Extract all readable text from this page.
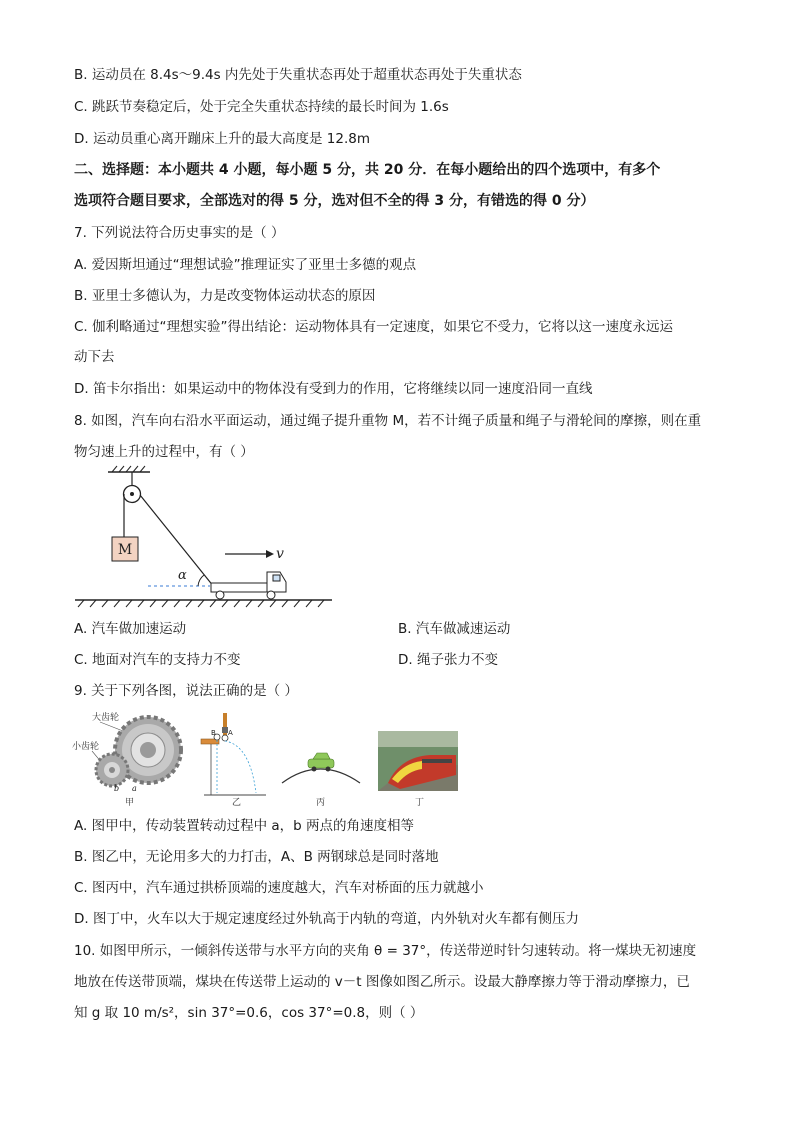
B. 运动员在 8.4s～9.4s 内先处于失重状态再处于超重状态再处于失重状态
C. 跳跃节奏稳定后，处于完全失重状态持续的最长时间为 1.6s
D. 运动员重心离开蹦床上升的最大高度是 12.8m
二、选择题：本小题共 4 小题，每小题 5 分，共 20 分．在每小题给出的四个选项中，有多个
选项符合题目要求，全部选对的得 5 分，选对但不全的得 3 分，有错选的得 0 分）
7. 下列说法符合历史事实的是（ ）
A. 爱因斯坦通过“理想试验”推理证实了亚里士多德的观点
B. 亚里士多德认为，力是改变物体运动状态的原因
C. 伽利略通过“理想实验”得出结论：运动物体具有一定速度，如果它不受力，它将以这一速度永远运
动下去
D. 笛卡尔指出：如果运动中的物体没有受到力的作用，它将继续以同一速度沿同一直线
8. 如图，汽车向右沿水平面运动，通过绳子提升重物 M，若不计绳子质量和绳子与滑轮间的摩擦，则在重
物匀速上升的过程中，有（ ）
M
α
v
A. 汽车做加速运动	B. 汽车做减速运动
C. 地面对汽车的支持力不变	D. 绳子张力不变
9. 关于下列各图，说法正确的是（ ）
大齿轮
小齿轮
b a
甲
A
B
乙	丙	丁
A. 图甲中，传动装置转动过程中 a，b 两点的角速度相等
B. 图乙中，无论用多大的力打击，A、B 两钢球总是同时落地
C. 图丙中，汽车通过拱桥顶端的速度越大，汽车对桥面的压力就越小
D. 图丁中，火车以大于规定速度经过外轨高于内轨的弯道，内外轨对火车都有侧压力
10. 如图甲所示，一倾斜传送带与水平方向的夹角 θ = 37°，传送带逆时针匀速转动。将一煤块无初速度
地放在传送带顶端，煤块在传送带上运动的 v－t 图像如图乙所示。设最大静摩擦力等于滑动摩擦力，已
知 g 取 10 m/s²，sin 37°=0.6，cos 37°=0.8，则（ ）
